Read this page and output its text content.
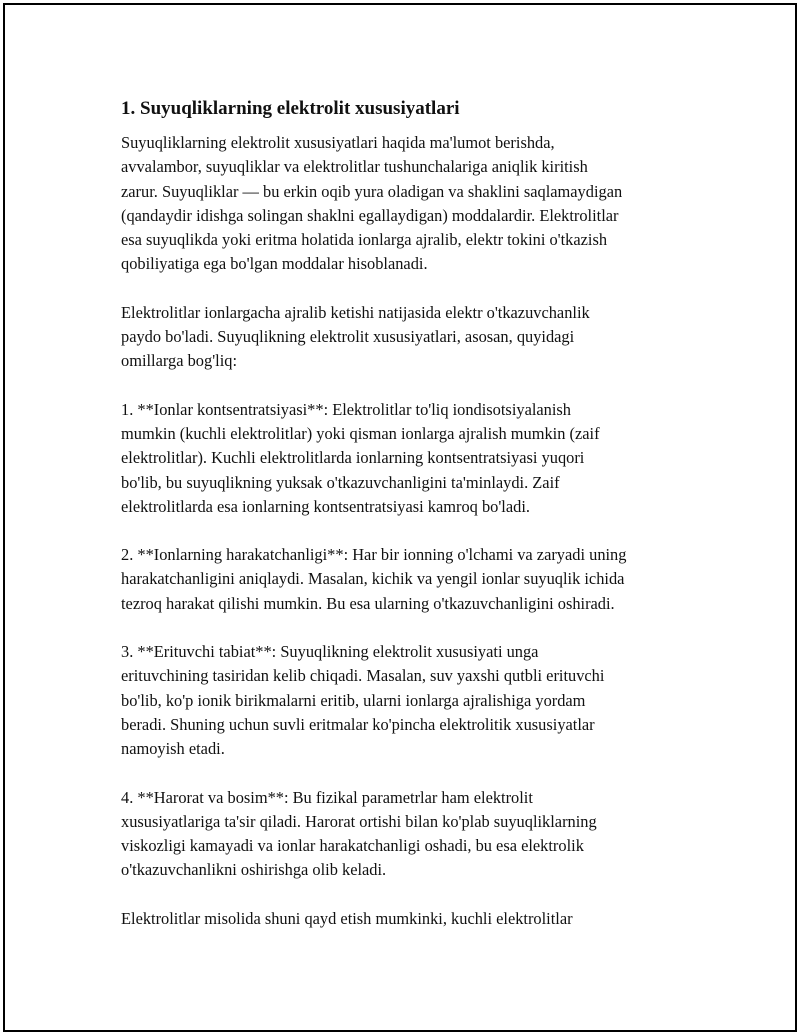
1. Suyuqliklarning elektrolit xususiyatlari
Suyuqliklarning elektrolit xususiyatlari haqida ma'lumot berishda,
avvalambor, suyuqliklar va elektrolitlar tushunchalariga aniqlik kiritish
zarur. Suyuqliklar — bu erkin oqib yura oladigan va shaklini saqlamaydigan
(qandaydir idishga solingan shaklni egallaydigan) moddalardir. Elektrolitlar
esa suyuqlikda yoki eritma holatida ionlarga ajralib, elektr tokini o'tkazish
qobiliyatiga ega bo'lgan moddalar hisoblanadi.
Elektrolitlar ionlargacha ajralib ketishi natijasida elektr o'tkazuvchanlik
paydo bo'ladi. Suyuqlikning elektrolit xususiyatlari, asosan, quyidagi
omillarga bog'liq:
1. **Ionlar kontsentratsiyasi**: Elektrolitlar to'liq iondisotsiyalanish
mumkin (kuchli elektrolitlar) yoki qisman ionlarga ajralish mumkin (zaif
elektrolitlar). Kuchli elektrolitlarda ionlarning kontsentratsiyasi yuqori
bo'lib, bu suyuqlikning yuksak o'tkazuvchanligini ta'minlaydi. Zaif
elektrolitlarda esa ionlarning kontsentratsiyasi kamroq bo'ladi.
2. **Ionlarning harakatchanligi**: Har bir ionning o'lchami va zaryadi uning
harakatchanligini aniqlaydi. Masalan, kichik va yengil ionlar suyuqlik ichida
tezroq harakat qilishi mumkin. Bu esa ularning o'tkazuvchanligini oshiradi.
3. **Erituvchi tabiat**: Suyuqlikning elektrolit xususiyati unga
erituvchining tasiridan kelib chiqadi. Masalan, suv yaxshi qutbli erituvchi
bo'lib, ko'p ionik birikmalarni eritib, ularni ionlarga ajralishiga yordam
beradi. Shuning uchun suvli eritmalar ko'pincha elektrolitik xususiyatlar
namoyish etadi.
4. **Harorat va bosim**: Bu fizikal parametrlar ham elektrolit
xususiyatlariga ta'sir qiladi. Harorat ortishi bilan ko'plab suyuqliklarning
viskozligi kamayadi va ionlar harakatchanligi oshadi, bu esa elektrolik
o'tkazuvchanlikni oshirishga olib keladi.
Elektrolitlar misolida shuni qayd etish mumkinki, kuchli elektrolitlar
